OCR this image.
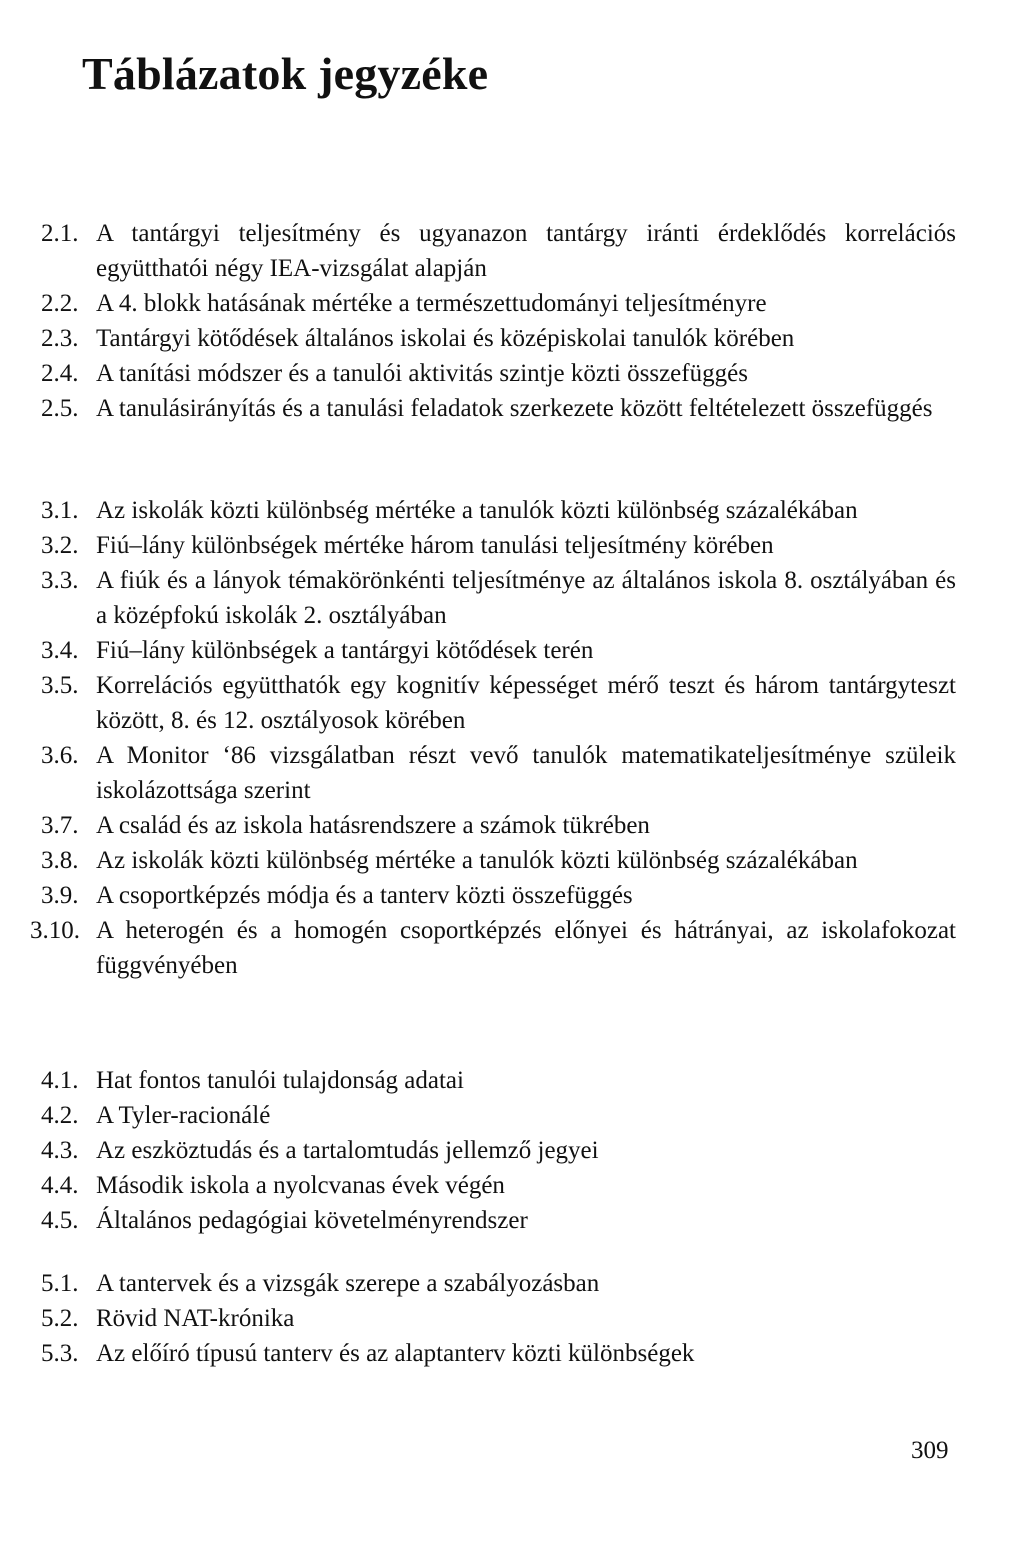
Táblázatok jegyzéke
2.1. A tantárgyi teljesítmény és ugyanazon tantárgy iránti érdeklődés korrelációs együtthatói négy IEA-vizsgálat alapján
2.2. A 4. blokk hatásának mértéke a természettudományi teljesítményre
2.3. Tantárgyi kötődések általános iskolai és középiskolai tanulók körében
2.4. A tanítási módszer és a tanulói aktivitás szintje közti összefüggés
2.5. A tanulásirányítás és a tanulási feladatok szerkezete között feltételezett összefüggés
3.1. Az iskolák közti különbség mértéke a tanulók közti különbség százalékában
3.2. Fiú–lány különbségek mértéke három tanulási teljesítmény körében
3.3. A fiúk és a lányok témakörönkénti teljesítménye az általános iskola 8. osztályában és a középfokú iskolák 2. osztályában
3.4. Fiú–lány különbségek a tantárgyi kötődések terén
3.5. Korrelációs együtthatók egy kognitív képességet mérő teszt és három tantárgyteszt között, 8. és 12. osztályosok körében
3.6. A Monitor ‘86 vizsgálatban részt vevő tanulók matematikateljesítménye szüleik iskolázottsága szerint
3.7. A család és az iskola hatásrendszere a számok tükrében
3.8. Az iskolák közti különbség mértéke a tanulók közti különbség százalékában
3.9. A csoportképzés módja és a tanterv közti összefüggés
3.10. A heterogén és a homogén csoportképzés előnyei és hátrányai, az iskolafokozat függvényében
4.1. Hat fontos tanulói tulajdonság adatai
4.2. A Tyler-racionálé
4.3. Az eszköztudás és a tartalomtudás jellemző jegyei
4.4. Második iskola a nyolcvanas évek végén
4.5. Általános pedagógiai követelményrendszer
5.1. A tantervek és a vizsgák szerepe a szabályozásban
5.2. Rövid NAT-krónika
5.3. Az előíró típusú tanterv és az alaptanterv közti különbségek
309
